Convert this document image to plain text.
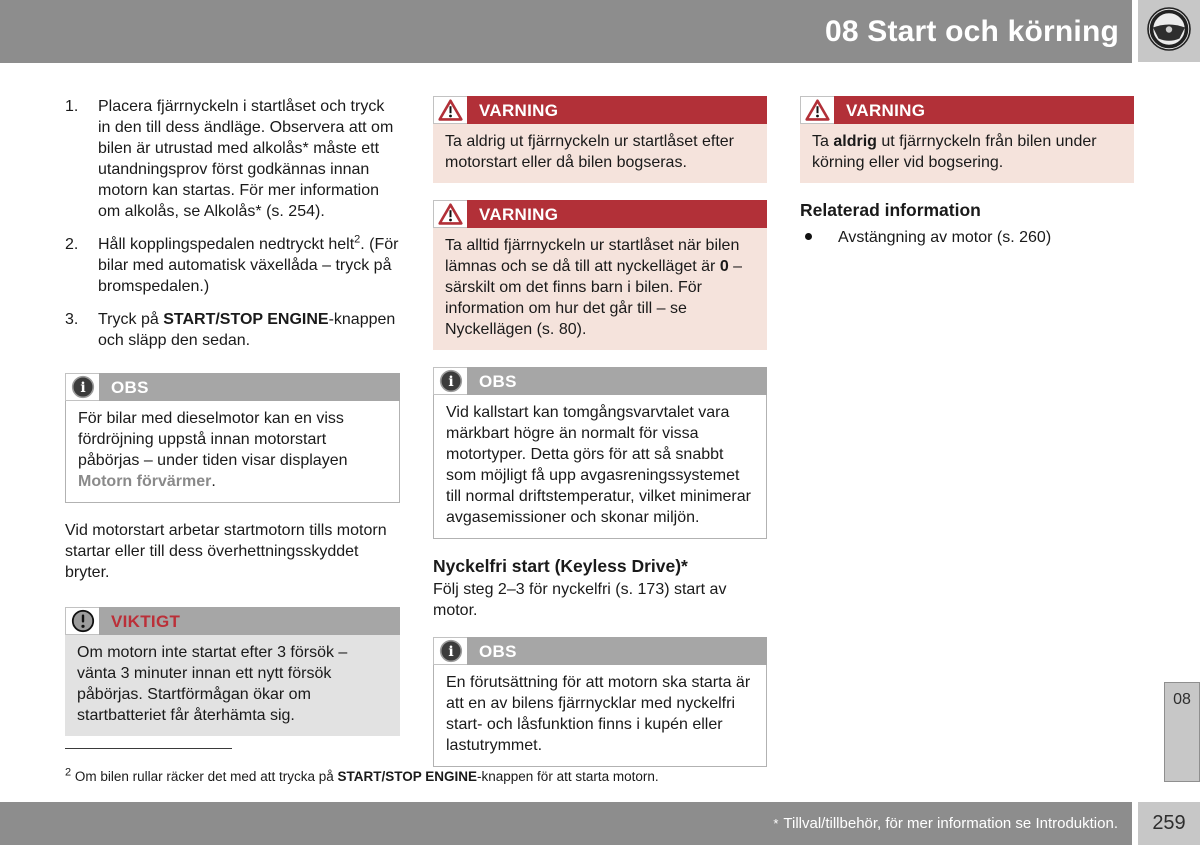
08 Start och körning
1.	Placera fjärrnyckeln i startlåset och tryck in den till dess ändläge. Observera att om bilen är utrustad med alkolås* måste ett utandningsprov först godkännas innan motorn kan startas. För mer information om alkolås, se Alkolås* (s. 254).
2.	Håll kopplingspedalen nedtryckt helt$^2$. (För bilar med automatisk växellåda – tryck på bromspedalen.)
3.	Tryck på START/STOP ENGINE-knappen och släpp den sedan.
i	OBS

För bilar med dieselmotor kan en viss fördröjning uppstå innan motorstart påbörjas – under tiden visar displayen Motorn förvärmer.

Vid motorstart arbetar startmotorn tills motorn startar eller till dess överhettningsskyddet bryter.

VIKTIGT

Om motorn inte startat efter 3 försök – vänta 3 minuter innan ett nytt försök påbörjas. Startförmågan ökar om startbatteriet får återhämta sig.

VARNING

Ta aldrig ut fjärrnyckeln ur startlåset efter motorstart eller då bilen bogseras.

VARNING

Ta alltid fjärrnyckeln ur startlåset när bilen lämnas och se då till att nyckelläget är 0 – särskilt om det finns barn i bilen. För information om hur det går till – se Nyckellägen (s. 80).

i	OBS

Vid kallstart kan tomgångsvarvtalet vara märkbart högre än normalt för vissa motortyper. Detta görs för att så snabbt som möjligt få upp avgasreningssystemet till normal driftstemperatur, vilket minimerar avgasemissioner och skonar miljön.

Nyckelfri start (Keyless Drive)*

Följ steg 2–3 för nyckelfri (s. 173) start av motor.

i	OBS

En förutsättning för att motorn ska starta är att en av bilens fjärrnycklar med nyckelfri start- och låsfunktion finns i kupén eller lastutrymmet.

VARNING

Ta aldrig ut fjärrnyckeln från bilen under körning eller vid bogsering.

Relaterad information
Avstängning av motor (s. 260)

$^2$ Om bilen rullar räcker det med att trycka på START/STOP ENGINE-knappen för att starta motorn.

* Tillval/tillbehör, för mer information se Introduktion.	259
08
